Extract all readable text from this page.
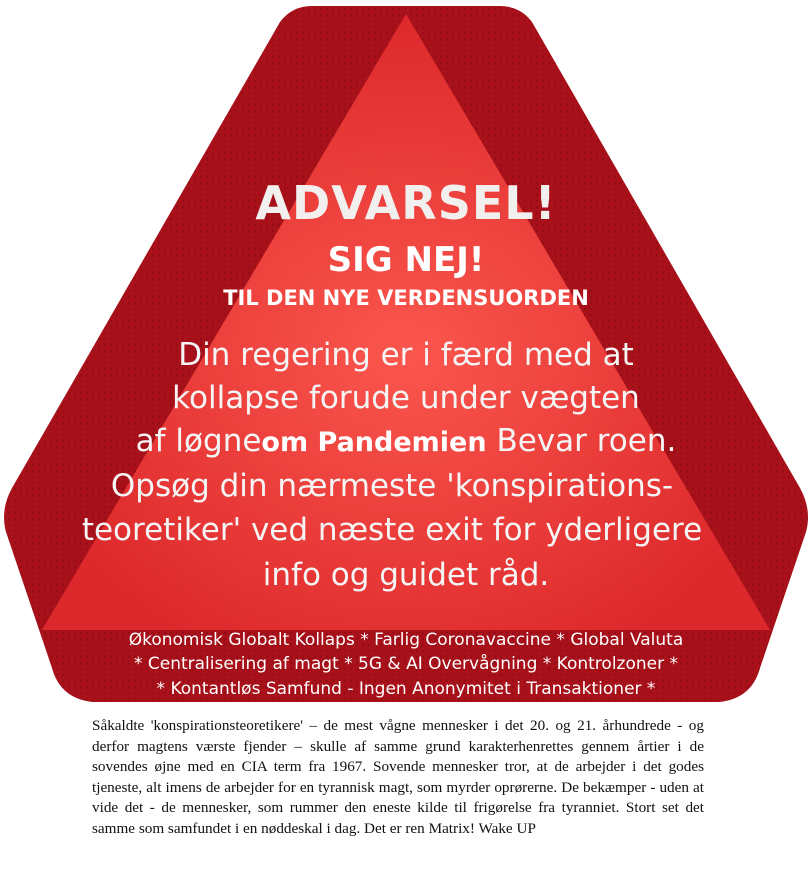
ADVARSEL!
SIG NEJ!
TIL DEN NYE VERDENSUORDEN
Din regering er i færd med at
kollapse forude under vægten
af løgneom Pandemien Bevar roen.
Opsøg din nærmeste 'konspirations-
teoretiker' ved næste exit for yderligere
info og guidet råd.
Økonomisk Globalt Kollaps * Farlig Coronavaccine * Global Valuta
* Centralisering af magt * 5G & AI Overvågning * Kontrolzoner *
* Kontantløs Samfund - Ingen Anonymitet i Transaktioner *

Såkaldte 'konspirationsteoretikere' – de mest vågne mennesker i det 20. og 21. århundrede - og derfor magtens værste fjender – skulle af samme grund karakterhenrettes gennem årtier i de sovendes øjne med en CIA term fra 1967. Sovende mennesker tror, at de arbejder i det godes tjeneste, alt imens de arbejder for en tyrannisk magt, som myrder oprørerne. De bekæmper - uden at vide det - de mennesker, som rummer den eneste kilde til frigørelse fra tyranniet. Stort set det samme som samfundet i en nøddeskal i dag. Det er ren Matrix! Wake UP
